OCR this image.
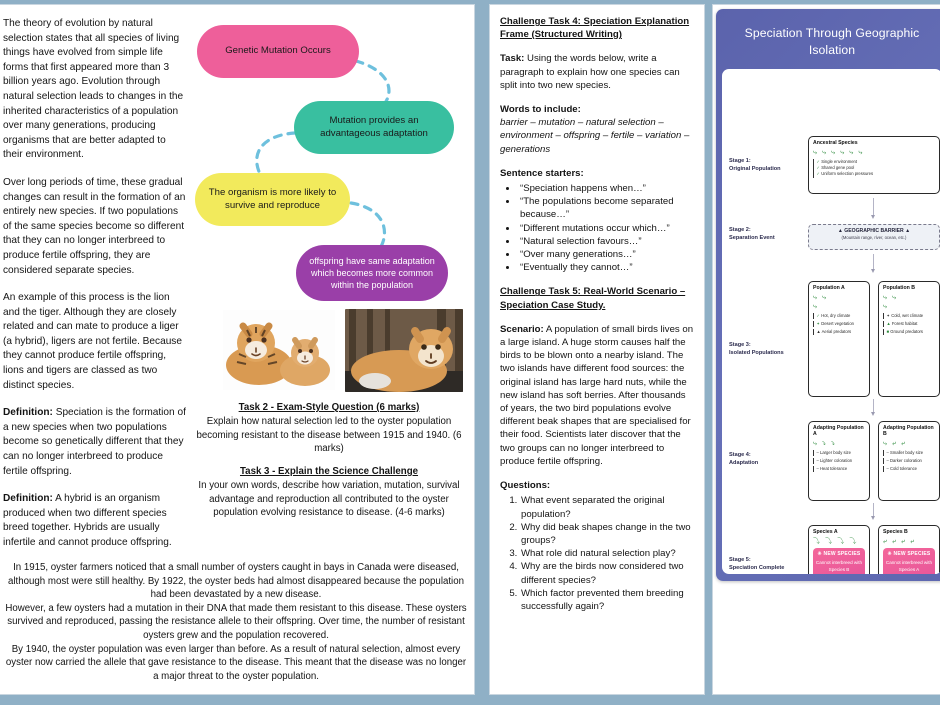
The theory of evolution by natural selection states that all species of living things have evolved from simple life forms that first appeared more than 3 billion years ago. Evolution through natural selection leads to changes in the inherited characteristics of a population over many generations, producing organisms that are better adapted to their environment.

Over long periods of time, these gradual changes can result in the formation of an entirely new species. If two populations of the same species become so different that they can no longer interbreed to produce fertile offspring, they are considered separate species.

An example of this process is the lion and the tiger. Although they are closely related and can mate to produce a liger (a hybrid), ligers are not fertile. Because they cannot produce fertile offspring, lions and tigers are classed as two distinct species.

Definition: Speciation is the formation of a new species when two populations become so genetically different that they can no longer interbreed to produce fertile offspring.

Definition: A hybrid is an organism produced when two different species breed together. Hybrids are usually infertile and cannot produce offspring.

Genetic Mutation Occurs
Mutation provides an advantageous adaptation
The organism is more likely to survive and reproduce
offspring have same adaptation which becomes more common within the population
Task 2 - Exam-Style Question (6 marks)
Explain how natural selection led to the oyster population becoming resistant to the disease between 1915 and 1940. (6 marks)
Task 3 - Explain the Science Challenge
In your own words, describe how variation, mutation, survival advantage and reproduction all contributed to the oyster population evolving resistance to disease. (4-6 marks)

In 1915, oyster farmers noticed that a small number of oysters caught in bays in Canada were diseased, although most were still healthy. By 1922, the oyster beds had almost disappeared because the population had been devastated by a new disease.

However, a few oysters had a mutation in their DNA that made them resistant to this disease. These oysters survived and reproduced, passing the resistance allele to their offspring. Over time, the number of resistant oysters grew and the population recovered.

By 1940, the oyster population was even larger than before. As a result of natural selection, almost every oyster now carried the allele that gave resistance to the disease. This meant that the disease was no longer a major threat to the oyster population.

Challenge Task 4: Speciation Explanation Frame (Structured Writing)
Task: Using the words below, write a paragraph to explain how one species can split into two new species.
Words to include:
barrier – mutation – natural selection – environment – offspring – fertile – variation – generations
Sentence starters:
• “Speciation happens when…”
• “The populations become separated because…”
• “Different mutations occur which…”
• “Natural selection favours…”
• “Over many generations…”
• “Eventually they cannot…”
Challenge Task 5: Real-World Scenario – Speciation Case Study.
Scenario: A population of small birds lives on a large island. A huge storm causes half the birds to be blown onto a nearby island. The two islands have different food sources: the original island has large hard nuts, while the new island has soft berries. After thousands of years, the two bird populations evolve different beak shapes that are specialised for their food. Scientists later discover that the two groups can no longer interbreed to produce fertile offspring.
Questions:
1. What event separated the original population?
2. Why did beak shapes change in the two groups?
3. What role did natural selection play?
4. Why are the birds now considered two different species?
5. Which factor prevented them breeding successfully again?
Speciation Through Geographic Isolation
Stage 1:
Original Population
Ancestral Species
⤷ ⤷ ⤷ ⤷ ⤷ ⤷
✓ Single environment
✓ Shared gene pool
✓ Uniform selection pressures
Stage 2:
Separation Event
▲ GEOGRAPHIC BARRIER ▲
(Mountain range, river, ocean, etc.)
Stage 3:
Isolated Populations
Population A
⤷ ⤷
⤷
✓ Hot, dry climate
✦ Desert vegetation
▲ Aerial predators
Population B
⤷ ⤷
⤷
✦ Cold, wet climate
▲ Forest habitat
■ Ground predators
Stage 4:
Adaptation
Adapting Population A
⤷ ⤵ ⤵
– Larger body size
– Lighter coloration
– Heat tolerance
Adapting Population B
⤷ ⤶ ⤶
– Smaller body size
– Darker coloration
– Cold tolerance
Stage 5:
Speciation Complete
Species A
⤵ ⤵ ⤵ ⤵
✳ NEW SPECIES
Cannot interbreed with Species B
Species B
⤶ ⤶ ⤶ ⤶
✳ NEW SPECIES
Cannot interbreed with Species A
